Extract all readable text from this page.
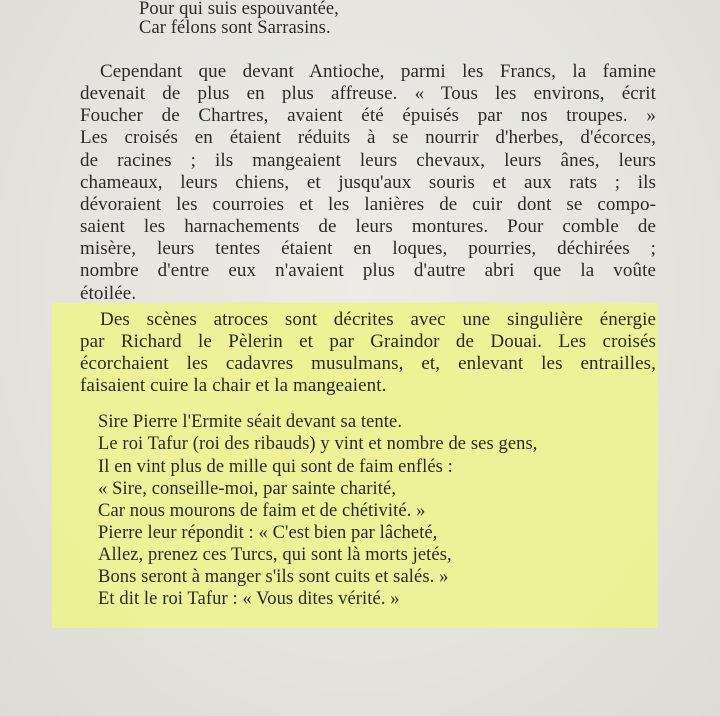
Pour qui suis espouvantée,
Car félons sont Sarrasins.
Cependant que devant Antioche, parmi les Francs, la famine
devenait de plus en plus affreuse. « Tous les environs, écrit
Foucher de Chartres, avaient été épuisés par nos troupes. »
Les croisés en étaient réduits à se nourrir d'herbes, d'écorces,
de racines ; ils mangeaient leurs chevaux, leurs ânes, leurs
chameaux, leurs chiens, et jusqu'aux souris et aux rats ; ils
dévoraient les courroies et les lanières de cuir dont se compo-
saient les harnachements de leurs montures. Pour comble de
misère, leurs tentes étaient en loques, pourries, déchirées ;
nombre d'entre eux n'avaient plus d'autre abri que la voûte
étoilée.
Des scènes atroces sont décrites avec une singulière énergie
par Richard le Pèlerin et par Graindor de Douai. Les croisés
écorchaient les cadavres musulmans, et, enlevant les entrailles,
faisaient cuire la chair et la mangeaient.
Sire Pierre l'Ermite séait devant sa tente.
Le roi Tafur (roi des ribauds) y vint et nombre de ses gens,
Il en vint plus de mille qui sont de faim enflés :
« Sire, conseille-moi, par sainte charité,
Car nous mourons de faim et de chétivité. »
Pierre leur répondit : « C'est bien par lâcheté,
Allez, prenez ces Turcs, qui sont là morts jetés,
Bons seront à manger s'ils sont cuits et salés. »
Et dit le roi Tafur : « Vous dites vérité. »
